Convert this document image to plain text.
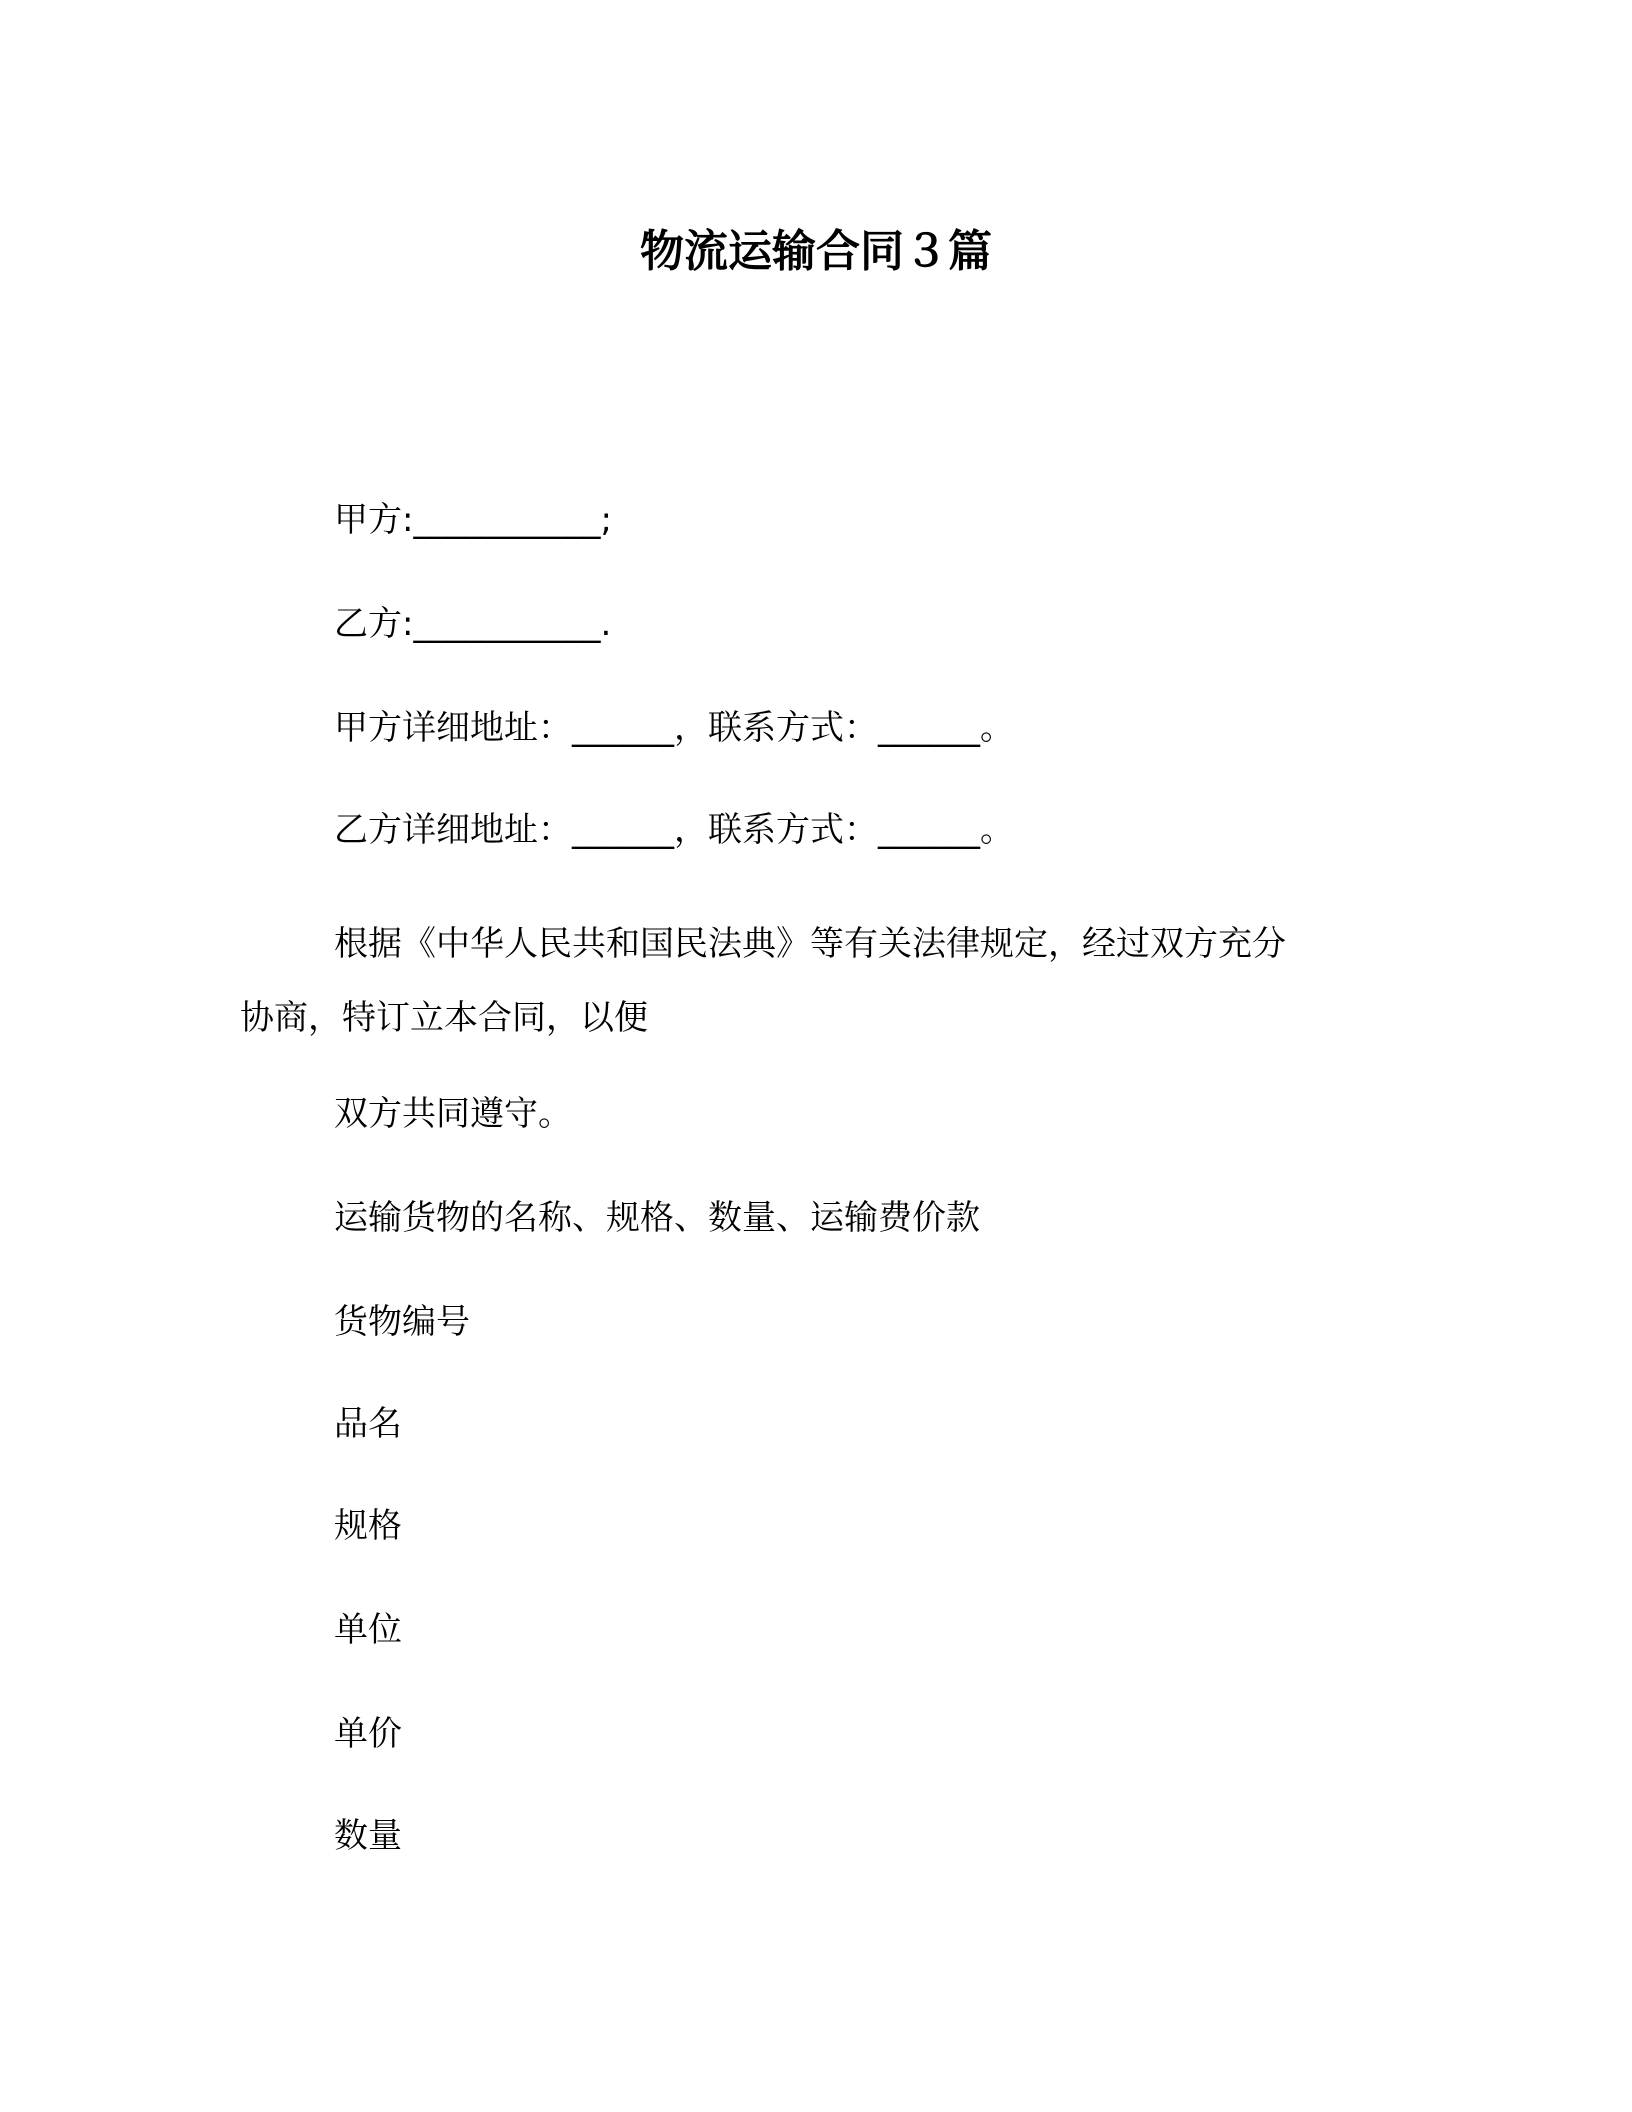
物流运输合同３篇
甲方:___________;
乙方:___________.
甲方详细地址：______，联系方式：______。
乙方详细地址：______，联系方式：______。
根据《中华人民共和国民法典》等有关法律规定，经过双方充分
协商，特订立本合同，以便
双方共同遵守。
运输货物的名称、规格、数量、运输费价款
货物编号
品名
规格
单位
单价
数量
